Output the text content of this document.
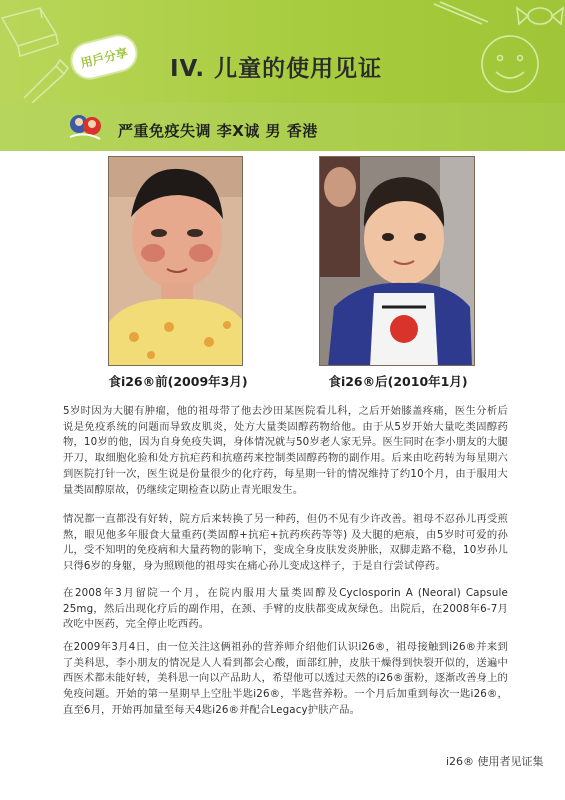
用戶分享	IV. 儿童的使用见证
严重免疫失调 李X诚 男 香港
食i26®前(2009年3月)	食i26®后(2010年1月)

5岁时因为大腿有肿瘤，他的祖母带了他去沙田某医院看儿科，之后开始膝盖疼痛，医生分析后说是免疫系统的问题而导致皮肌炎，处方大量类固醇药物给他。由于从5岁开始大量吃类固醇药物，10岁的他，因为自身免疫失调，身体情况就与50岁老人家无异。医生同时在李小朋友的大腿开刀，取细胞化验和处方抗疟药和抗癌药来控制类固醇药物的副作用。后来由吃药转为每星期六到医院打针一次，医生说是份量很少的化疗药，每星期一针的情况维持了约10个月，由于服用大量类固醇原故，仍继续定期检查以防止青光眼发生。

情况都一直都没有好转，院方后来转换了另一种药，但仍不见有少许改善。祖母不忍孙儿再受煎熬，眼见他多年服食大量重药(类固醇+抗疟+抗药疾药等等) 及大腿的疤痕，由5岁时可爱的孙儿，受不知明的免疫病和大量药物的影响下，变成全身皮肤发炎肿胀，双脚走路不稳，10岁孙儿只得6岁的身躯，身为照顾他的祖母实在痛心孙儿变成这样子，于是自行尝试停药。

在2008年3月留院一个月，在院内服用大量类固醇及Cyclosporin A (Neoral) Capsule 25mg，然后出现化疗后的副作用，在颈、手臂的皮肤都变成灰绿色。出院后，在2008年6-7月改吃中医药，完全停止吃西药。

在2009年3月4日，由一位关注这俩祖孙的营养师介绍他们认识i26®，祖母接触到i26®并来到了美科思，李小朋友的情况是人人看到都会心酸，面部红肿，皮肤干燥得到快裂开似的，送遍中西医术都未能好转，美科思一向以产品助人，希望他可以透过天然的i26®蛋粉，逐渐改善身上的免疫问题。开始的第一星期早上空肚半匙i26®，半匙营养粉。一个月后加重到每次一匙i26®，直至6月，开始再加量至每天4匙i26®并配合Legacy护肤产品。

i26® 使用者见证集
